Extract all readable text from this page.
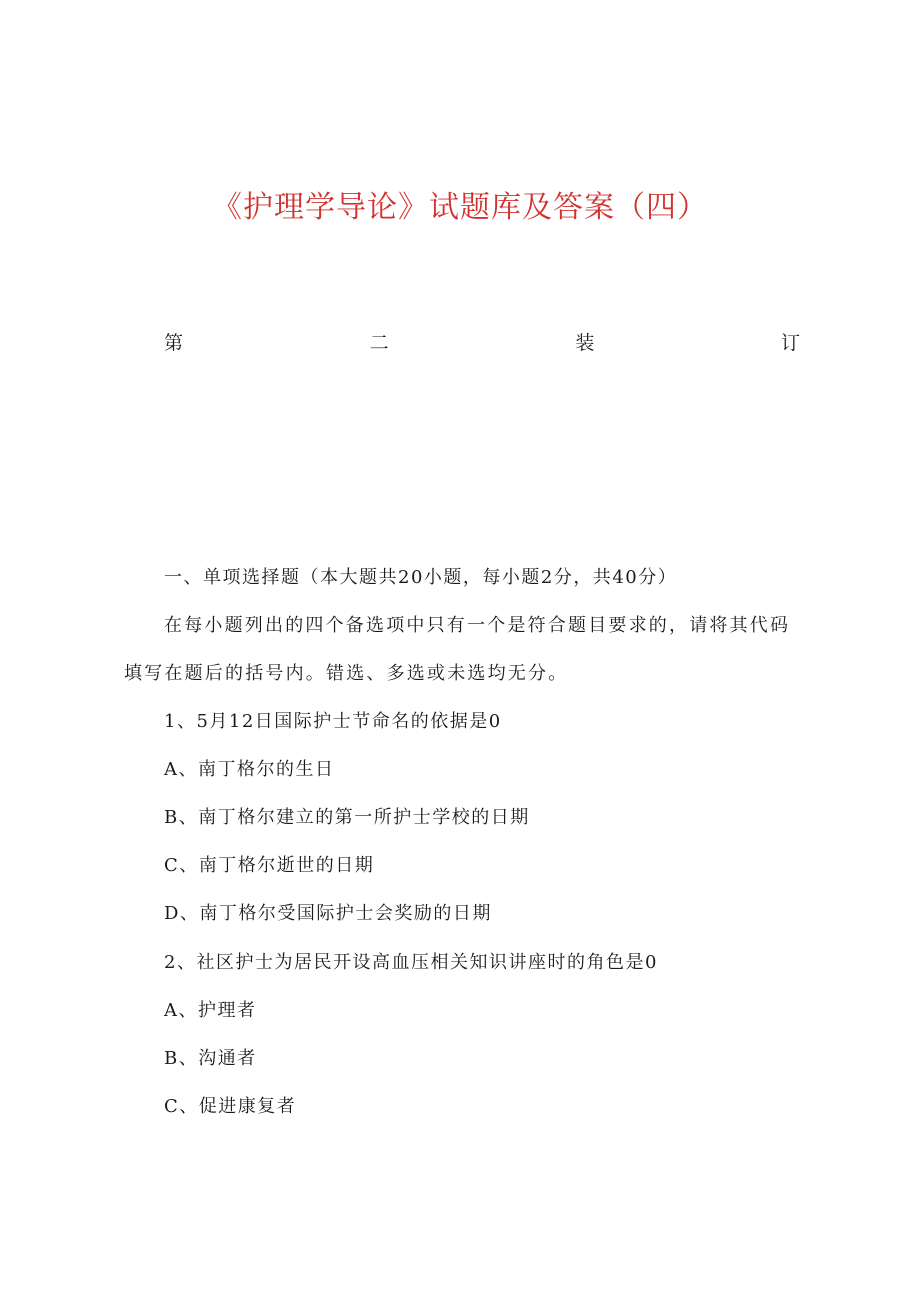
《护理学导论》试题库及答案（四）
第	二	装	订
一、单项选择题（本大题共20小题，每小题2分，共40分）
在每小题列出的四个备选项中只有一个是符合题目要求的，请将其代码填写在题后的括号内。错选、多选或未选均无分。
1、5月12日国际护士节命名的依据是0
A、南丁格尔的生日
B、南丁格尔建立的第一所护士学校的日期
C、南丁格尔逝世的日期
D、南丁格尔受国际护士会奖励的日期
2、社区护士为居民开设高血压相关知识讲座时的角色是0
A、护理者
B、沟通者
C、促进康复者
